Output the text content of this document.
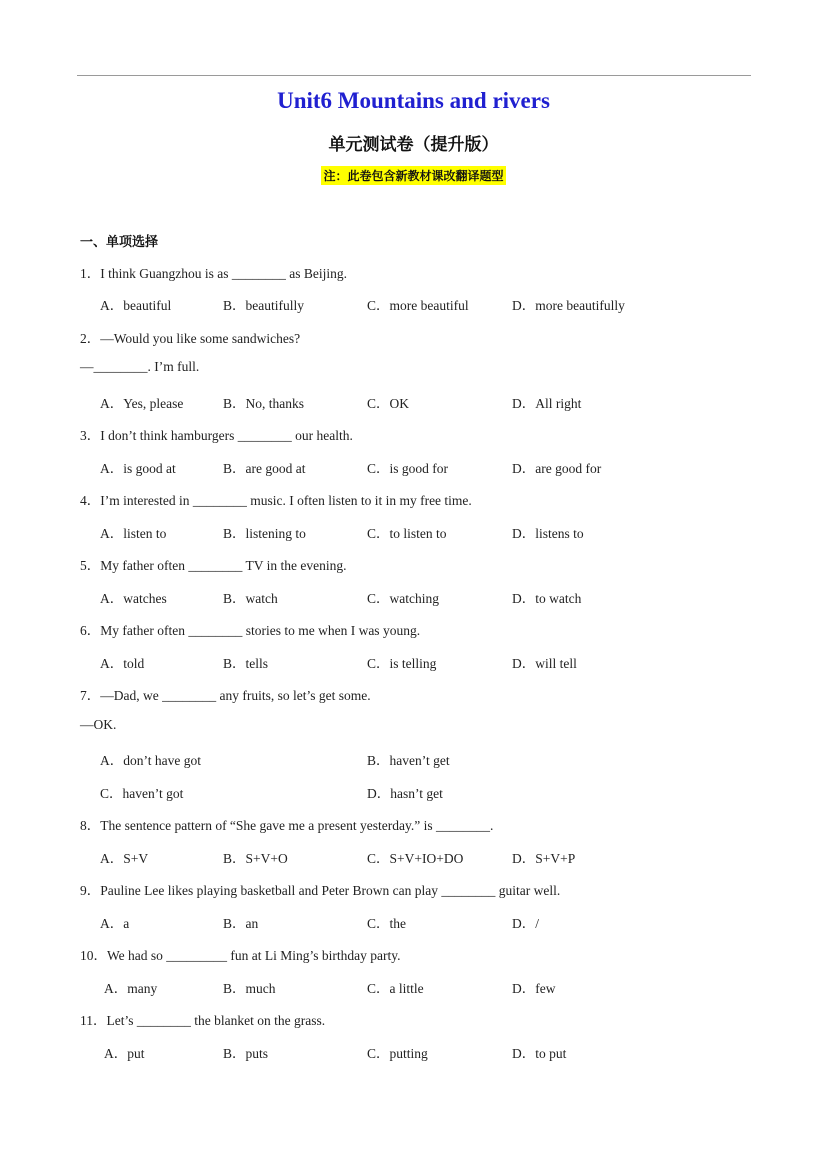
Unit6 Mountains and rivers
单元测试卷（提升版）
注：此卷包含新教材课改翻译题型
一、单项选择
1．I think Guangzhou is as ________ as Beijing.
A．beautiful	B．beautifully	C．more beautiful	D．more beautifully
2．—Would you like some sandwiches?
—________. I’m full.
A．Yes, please	B．No, thanks	C．OK	D．All right
3．I don’t think hamburgers ________ our health.
A．is good at	B．are good at	C．is good for	D．are good for
4．I’m interested in ________ music. I often listen to it in my free time.
A．listen to	B．listening to	C．to listen to	D．listens to
5．My father often ________ TV in the evening.
A．watches	B．watch	C．watching	D．to watch
6．My father often ________ stories to me when I was young.
A．told	B．tells	C．is telling	D．will tell
7．—Dad, we ________ any fruits, so let’s get some.
—OK.
A．don’t have got	B．haven’t get
C．haven’t got	D．hasn’t get
8．The sentence pattern of “She gave me a present yesterday.” is ________.
A．S+V	B．S+V+O	C．S+V+IO+DO	D．S+V+P
9．Pauline Lee likes playing basketball and Peter Brown can play ________ guitar well.
A．a	B．an	C．the	D．/
10．We had so _________ fun at Li Ming’s birthday party.
A．many	B．much	C．a little	D．few
11．Let’s ________ the blanket on the grass.
A．put	B．puts	C．putting	D．to put
